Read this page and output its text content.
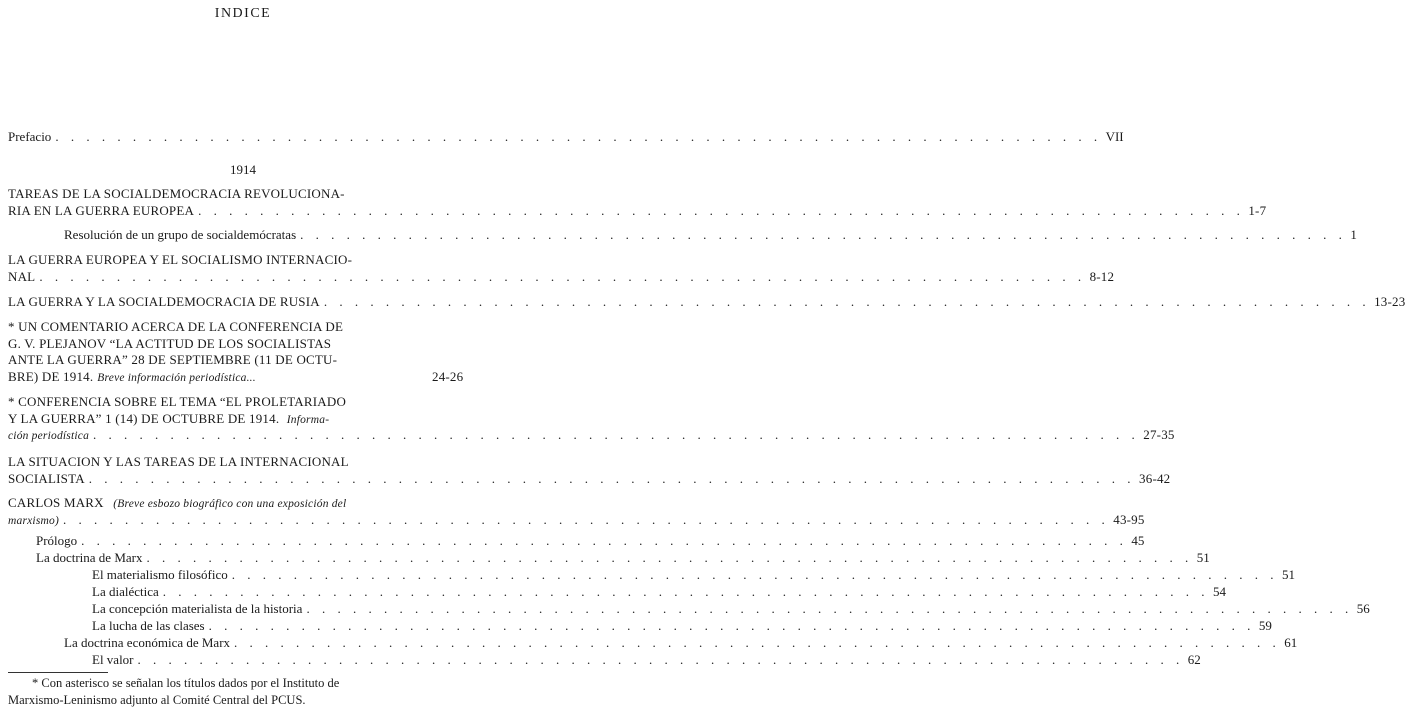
INDICE
Prefacio . . . . . . . . . . . . . . . . . . . . . . . . . . . . . . . . . . . . . . . . . . . . . . . . . . . . . . . . . . . . . . . . . . . . VII
1914
TAREAS DE LA SOCIALDEMOCRACIA REVOLUCIONA-
RIA EN LA GUERRA EUROPEA . . . . . . . . . . . . . . . . . . . . . . . . . . . . . . . . . . . . . . . . . . . . . . . . . . . . . . . . . . . . . . . . . . . . 1-7
Resolución de un grupo de socialdemócratas . . . . . . . . . . . . . . . . . . . . . . . . . . . . . . . . . . . . . . . . . . . . . . . . . . . . . . . . . . . . . . . . . . . . 1
LA GUERRA EUROPEA Y EL SOCIALISMO INTERNACIO-
NAL . . . . . . . . . . . . . . . . . . . . . . . . . . . . . . . . . . . . . . . . . . . . . . . . . . . . . . . . . . . . . . . . . . . . 8-12
LA GUERRA Y LA SOCIALDEMOCRACIA DE RUSIA . . . . . . . . . . . . . . . . . . . . . . . . . . . . . . . . . . . . . . . . . . . . . . . . . . . . . . . . . . . . . . . . . . . . 13-23
* UN COMENTARIO ACERCA DE LA CONFERENCIA DE
G. V. PLEJANOV “LA ACTITUD DE LOS SOCIALISTAS
ANTE LA GUERRA” 28 DE SEPTIEMBRE (11 DE OCTU-
BRE) DE 1914. Breve información periodística...	24-26
* CONFERENCIA SOBRE EL TEMA “EL PROLETARIADO
Y LA GUERRA” 1 (14) DE OCTUBRE DE 1914. Informa-
ción periodística . . . . . . . . . . . . . . . . . . . . . . . . . . . . . . . . . . . . . . . . . . . . . . . . . . . . . . . . . . . . . . . . . . . . 27-35
LA SITUACION Y LAS TAREAS DE LA INTERNACIONAL
SOCIALISTA . . . . . . . . . . . . . . . . . . . . . . . . . . . . . . . . . . . . . . . . . . . . . . . . . . . . . . . . . . . . . . . . . . . . 36-42
CARLOS MARX (Breve esbozo biográfico con una exposición del
marxismo) . . . . . . . . . . . . . . . . . . . . . . . . . . . . . . . . . . . . . . . . . . . . . . . . . . . . . . . . . . . . . . . . . . . . 43-95
Prólogo . . . . . . . . . . . . . . . . . . . . . . . . . . . . . . . . . . . . . . . . . . . . . . . . . . . . . . . . . . . . . . . . . . . . 45
La doctrina de Marx . . . . . . . . . . . . . . . . . . . . . . . . . . . . . . . . . . . . . . . . . . . . . . . . . . . . . . . . . . . . . . . . . . . . 51
El materialismo filosófico . . . . . . . . . . . . . . . . . . . . . . . . . . . . . . . . . . . . . . . . . . . . . . . . . . . . . . . . . . . . . . . . . . . . 51
La dialéctica . . . . . . . . . . . . . . . . . . . . . . . . . . . . . . . . . . . . . . . . . . . . . . . . . . . . . . . . . . . . . . . . . . . . 54
La concepción materialista de la historia . . . . . . . . . . . . . . . . . . . . . . . . . . . . . . . . . . . . . . . . . . . . . . . . . . . . . . . . . . . . . . . . . . . . 56
La lucha de las clases . . . . . . . . . . . . . . . . . . . . . . . . . . . . . . . . . . . . . . . . . . . . . . . . . . . . . . . . . . . . . . . . . . . . 59
La doctrina económica de Marx . . . . . . . . . . . . . . . . . . . . . . . . . . . . . . . . . . . . . . . . . . . . . . . . . . . . . . . . . . . . . . . . . . . . 61
El valor . . . . . . . . . . . . . . . . . . . . . . . . . . . . . . . . . . . . . . . . . . . . . . . . . . . . . . . . . . . . . . . . . . . . 62
* Con asterisco se señalan los títulos dados por el Instituto de
Marxismo-Leninismo adjunto al Comité Central del PCUS.
